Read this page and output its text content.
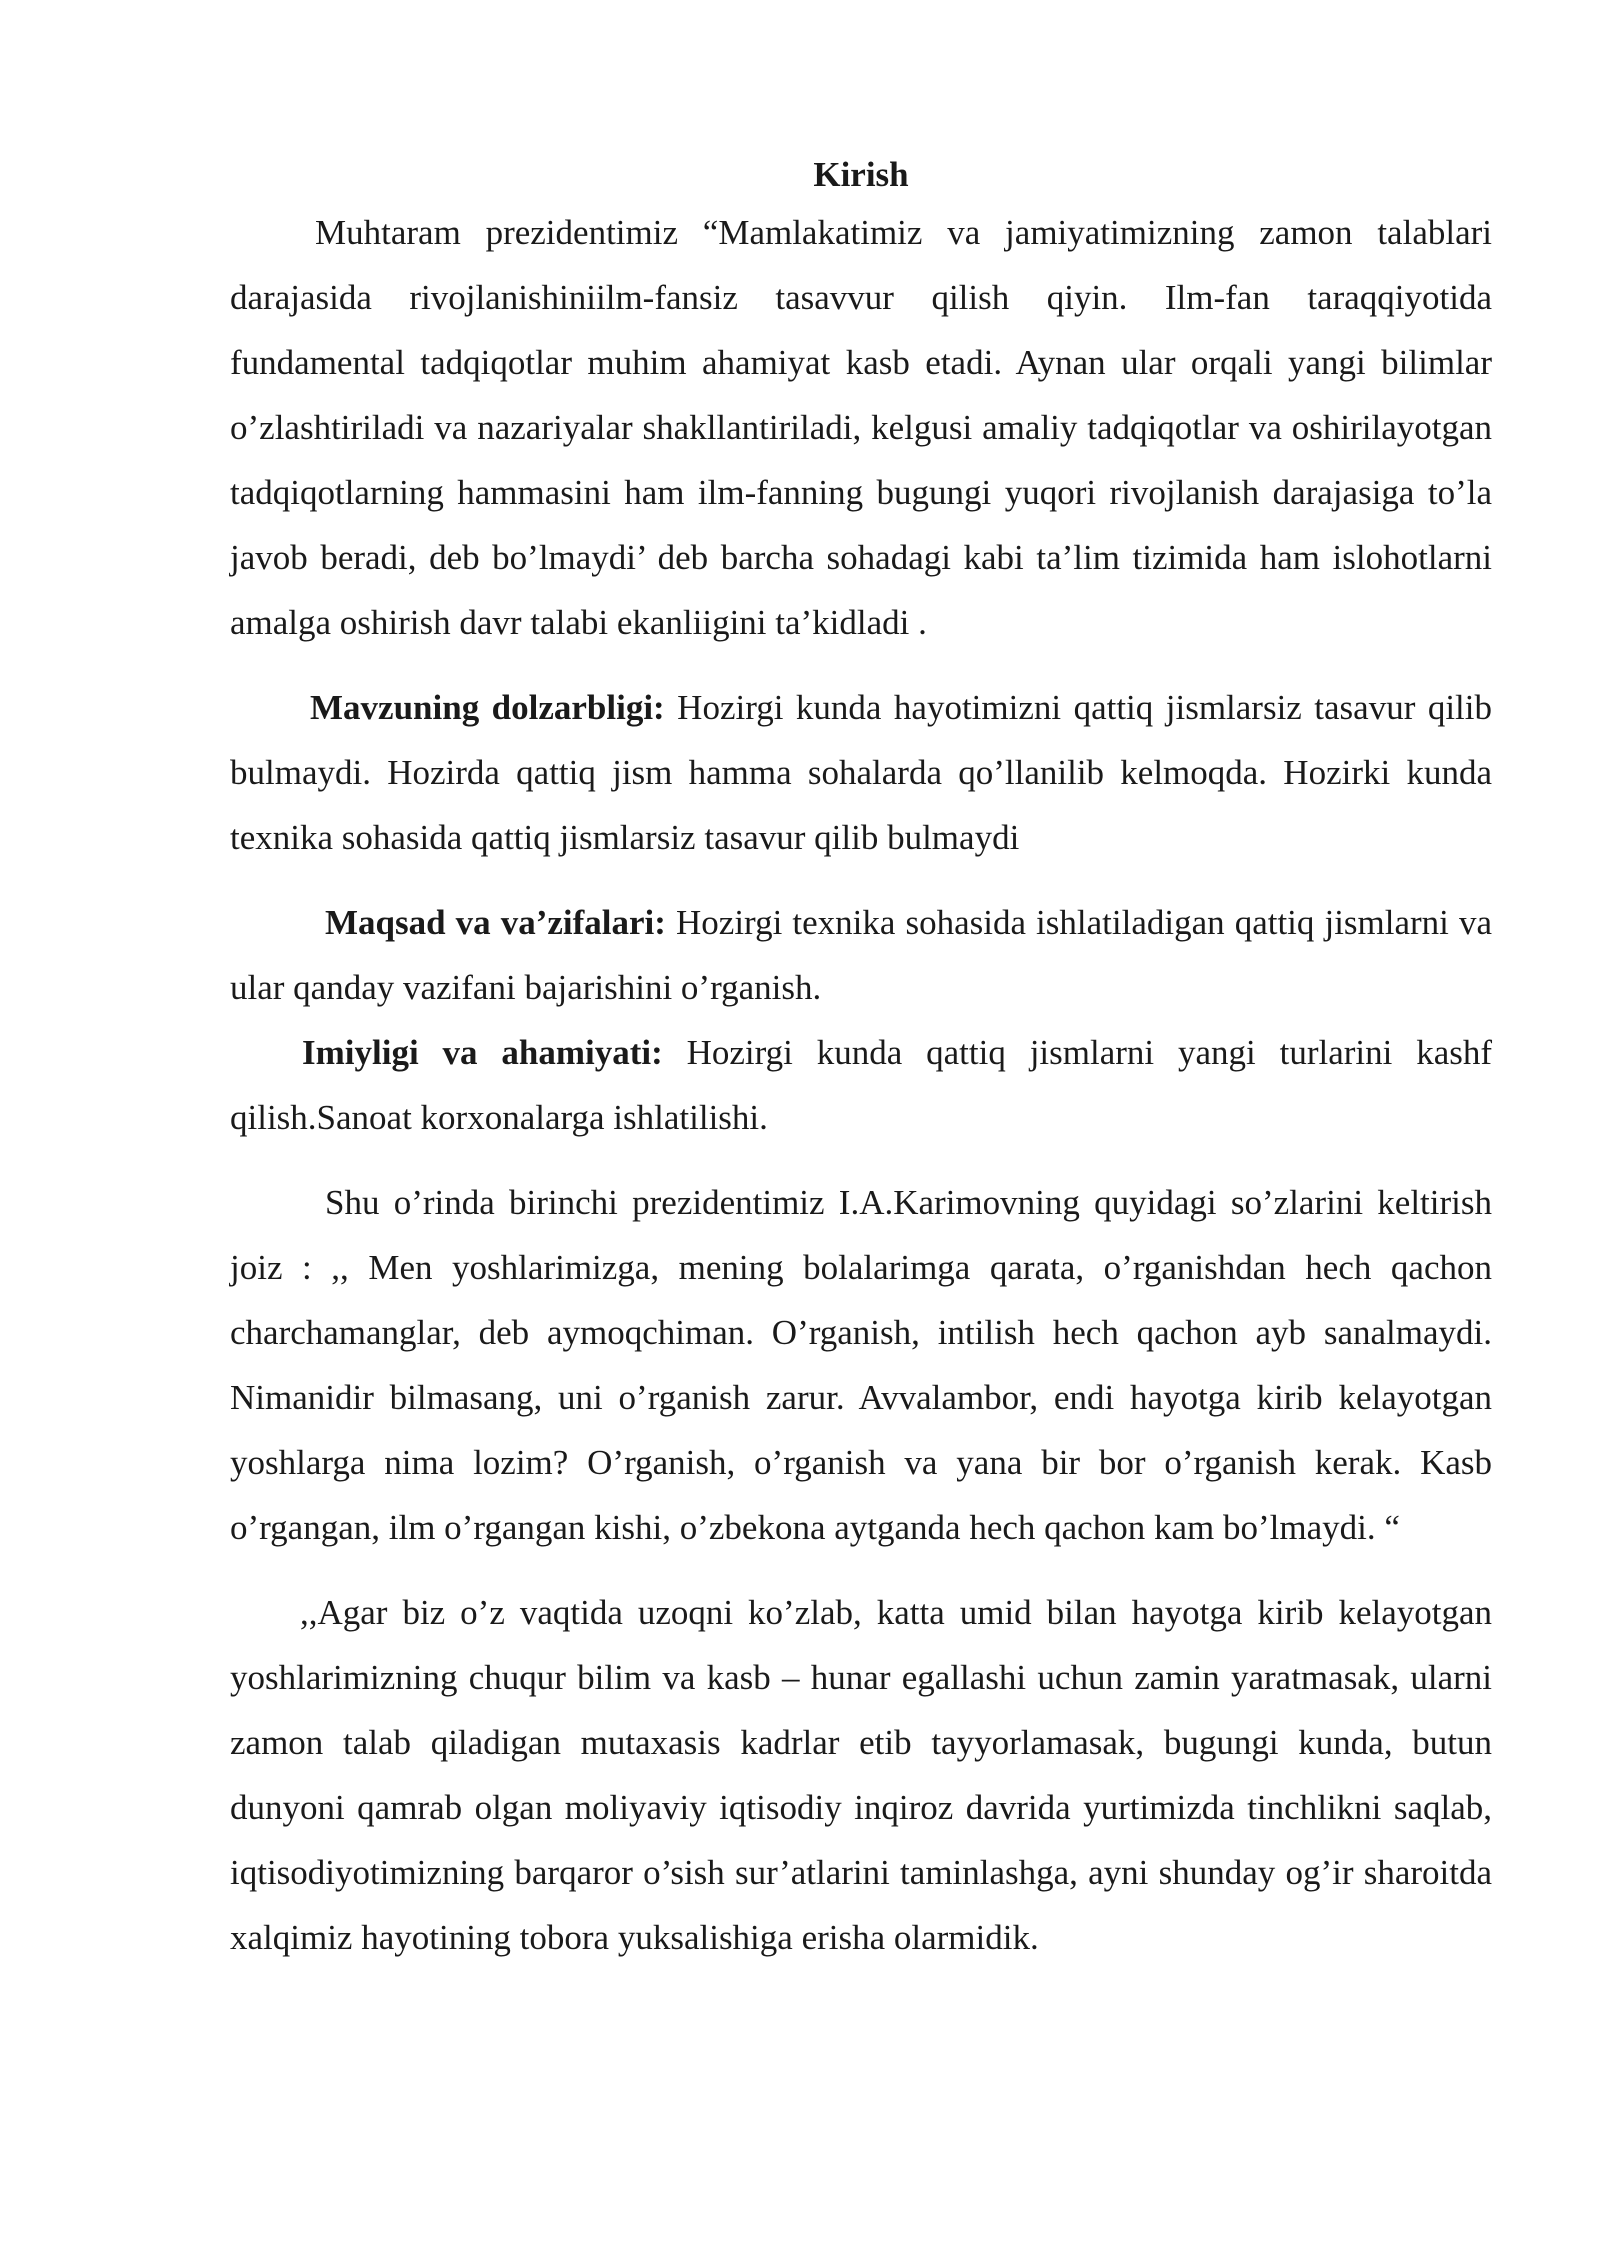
Kirish

Muhtaram prezidentimiz “Mamlakatimiz va jamiyatimizning zamon talablari darajasida rivojlanishiniilm-fansiz tasavvur qilish qiyin. Ilm-fan taraqqiyotida fundamental tadqiqotlar muhim ahamiyat kasb etadi. Aynan ular orqali yangi bilimlar o’zlashtiriladi va nazariyalar shakllantiriladi, kelgusi amaliy tadqiqotlar va oshirilayotgan tadqiqotlarning hammasini ham ilm-fanning bugungi yuqori rivojlanish darajasiga to’la javob beradi, deb bo’lmaydi’ deb barcha sohadagi kabi ta’lim tizimida ham islohotlarni amalga oshirish davr talabi ekanliigini ta’kidladi .

Mavzuning dolzarbligi: Hozirgi kunda hayotimizni qattiq jismlarsiz tasavur qilib bulmaydi. Hozirda qattiq jism hamma sohalarda qo’llanilib kelmoqda. Hozirki kunda texnika sohasida qattiq jismlarsiz tasavur qilib bulmaydi

Maqsad va va’zifalari: Hozirgi texnika sohasida ishlatiladigan qattiq jismlarni va ular qanday vazifani bajarishini o’rganish.

Imiyligi va ahamiyati: Hozirgi kunda qattiq jismlarni yangi turlarini kashf qilish.Sanoat korxonalarga ishlatilishi.

Shu o’rinda birinchi prezidentimiz I.A.Karimovning quyidagi so’zlarini keltirish joiz : ,, Men yoshlarimizga, mening bolalarimga qarata, o’rganishdan hech qachon charchamanglar, deb aymoqchiman. O’rganish, intilish hech qachon ayb sanalmaydi. Nimanidir bilmasang, uni o’rganish zarur. Avvalambor, endi hayotga kirib kelayotgan yoshlarga nima lozim? O’rganish, o’rganish va yana bir bor o’rganish kerak. Kasb o’rgangan, ilm o’rgangan kishi, o’zbekona aytganda hech qachon kam bo’lmaydi. “

,,Agar biz o’z vaqtida uzoqni ko’zlab, katta umid bilan hayotga kirib kelayotgan yoshlarimizning chuqur bilim va kasb – hunar egallashi uchun zamin yaratmasak, ularni zamon talab qiladigan mutaxasis kadrlar etib tayyorlamasak, bugungi kunda, butun dunyoni qamrab olgan moliyaviy iqtisodiy inqiroz davrida yurtimizda tinchlikni saqlab, iqtisodiyotimizning barqaror o’sish sur’atlarini taminlashga, ayni shunday og’ir sharoitda xalqimiz hayotining tobora yuksalishiga erisha olarmidik.
